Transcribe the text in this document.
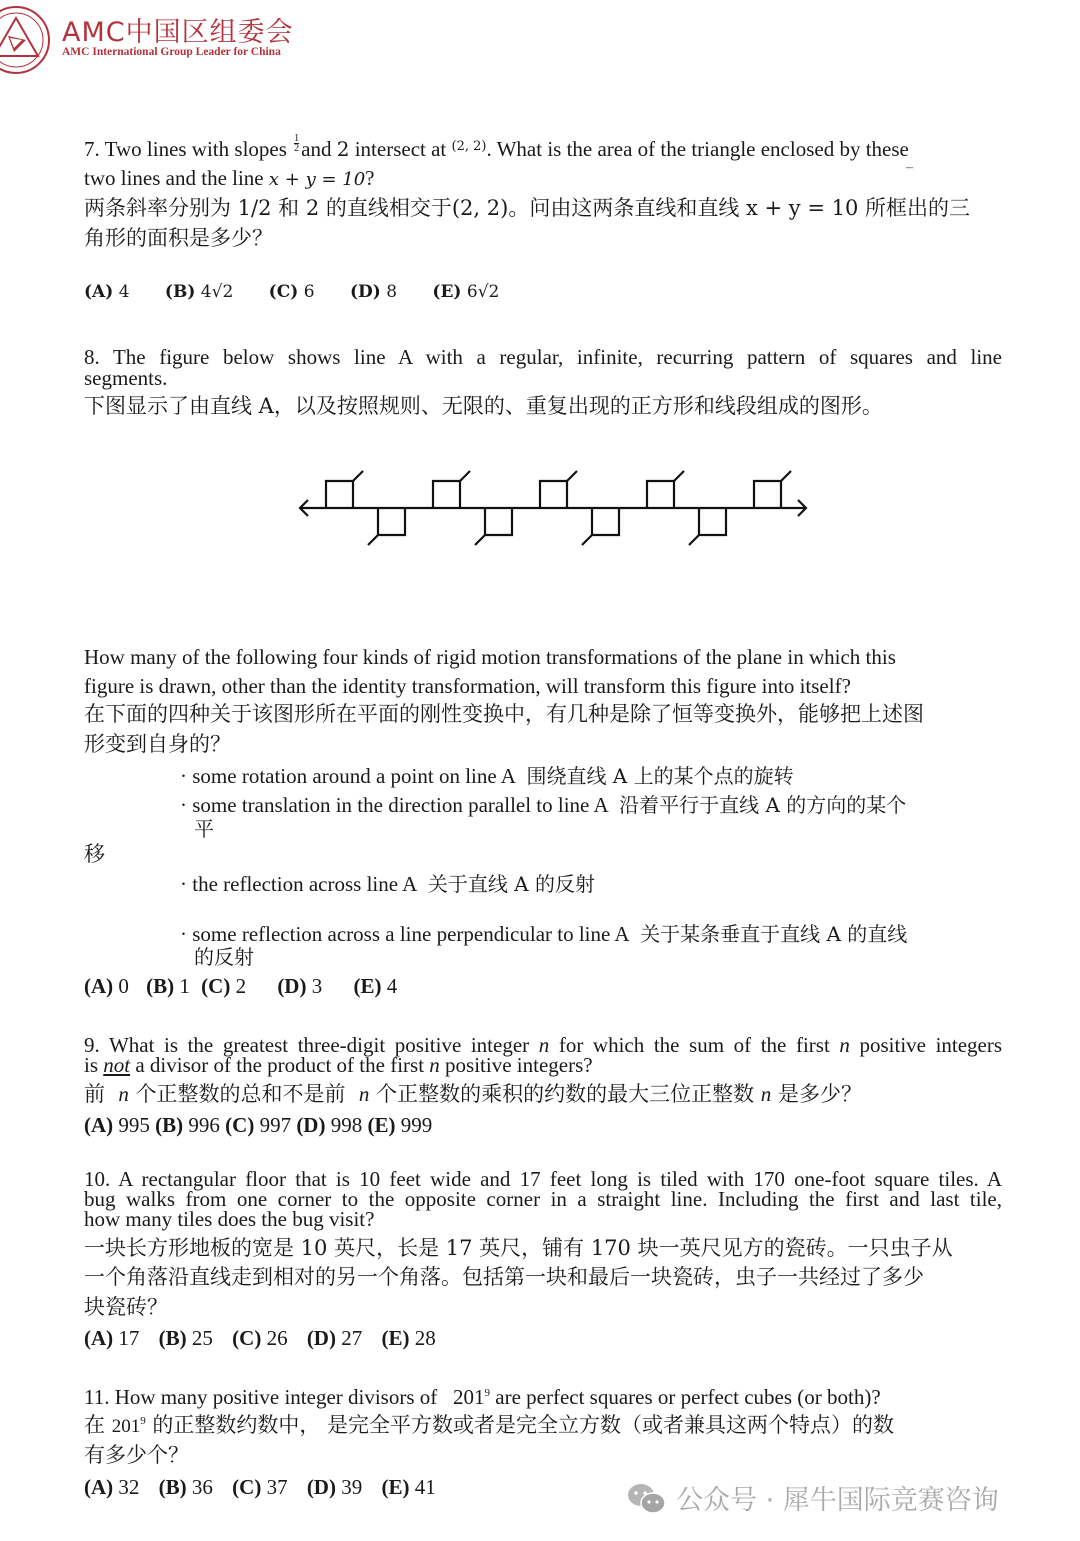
AMC中国区组委会
AMC International Group Leader for China
7. Two lines with slopes $\frac{1}{2}$ and 2 intersect at $^{(2, 2)}$. What is the area of the triangle enclosed by these
two lines and the line x + y = 10?	–
两条斜率分别为 1/2 和 2 的直线相交于(2, 2)。问由这两条直线和直线 x + y = 10 所框出的三
角形的面积是多少？
(A) 4 (B) 4√2 (C) 6 (D) 8 (E) 6√2
8. The figure below shows line A with a regular, infinite, recurring pattern of squares and line
segments.
下图显示了由直线 A，以及按照规则、无限的、重复出现的正方形和线段组成的图形。
How many of the following four kinds of rigid motion transformations of the plane in which this
figure is drawn, other than the identity transformation, will transform this figure into itself?
在下面的四种关于该图形所在平面的刚性变换中，有几种是除了恒等变换外，能够把上述图
形变到自身的？
· some rotation around a point on line A 围绕直线 A 上的某个点的旋转
· some translation in the direction parallel to line A 沿着平行于直线 A 的方向的某个
平
移
· the reflection across line A 关于直线 A 的反射
· some reflection across a line perpendicular to line A 关于某条垂直于直线 A 的直线
的反射
(A) 0 (B) 1 (C) 2 (D) 3 (E) 4
9. What is the greatest three-digit positive integer n for which the sum of the first n positive integers
is not a divisor of the product of the first n positive integers?
前 n 个正整数的总和不是前 n 个正整数的乘积的约数的最大三位正整数 n 是多少？
(A) 995 (B) 996 (C) 997 (D) 998 (E) 999
10. A rectangular floor that is 10 feet wide and 17 feet long is tiled with 170 one-foot square tiles. A
bug walks from one corner to the opposite corner in a straight line. Including the first and last tile,
how many tiles does the bug visit?
一块长方形地板的宽是 10 英尺，长是 17 英尺，铺有 170 块一英尺见方的瓷砖。一只虫子从
一个角落沿直线走到相对的另一个角落。包括第一块和最后一块瓷砖，虫子一共经过了多少
块瓷砖？
(A) 17 (B) 25 (C) 26 (D) 27 (E) 28
11. How many positive integer divisors of $201^9$ are perfect squares or perfect cubes (or both)?
在 $201^9$ 的正整数约数中， 是完全平方数或者是完全立方数（或者兼具这两个特点）的数
有多少个？
(A) 32 (B) 36 (C) 37 (D) 39 (E) 41	公众号 · 犀牛国际竞赛咨询
